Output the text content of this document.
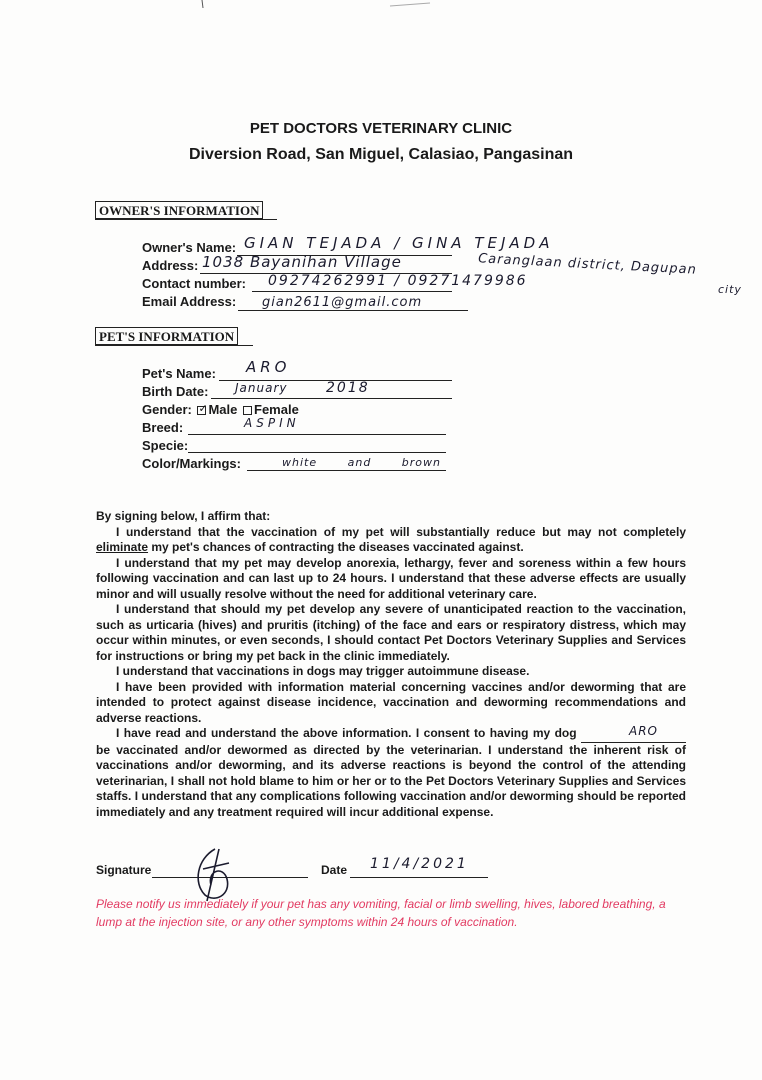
PET DOCTORS VETERINARY CLINIC
Diversion Road, San Miguel, Calasiao, Pangasinan
OWNER'S INFORMATION
Owner's Name: GIAN TEJADA / GINA TEJADA
Address: 1038 Bayanihan Village	Caranglaan district, Dagupan
city
Contact number: 09274262991 / 09271479986
Email Address: gian2611@gmail.com
PET'S INFORMATION
Pet's Name: ARO
Birth Date: January	2018
Gender: ✓ Male Female
Breed:	ASPIN
Specie:
Color/Markings:	white and brown

By signing below, I affirm that:

I understand that the vaccination of my pet will substantially reduce but may not completely eliminate my pet's chances of contracting the diseases vaccinated against.

I understand that my pet may develop anorexia, lethargy, fever and soreness within a few hours following vaccination and can last up to 24 hours. I understand that these adverse effects are usually minor and will usually resolve without the need for additional veterinary care.

I understand that should my pet develop any severe of unanticipated reaction to the vaccination, such as urticaria (hives) and pruritis (itching) of the face and ears or respiratory distress, which may occur within minutes, or even seconds, I should contact Pet Doctors Veterinary Supplies and Services for instructions or bring my pet back in the clinic immediately.

I understand that vaccinations in dogs may trigger autoimmune disease.

I have been provided with information material concerning vaccines and/or deworming that are intended to protect against disease incidence, vaccination and deworming recommendations and adverse reactions.

I have read and understand the above information. I consent to having my dog	ARO be vaccinated and/or dewormed as directed by the veterinarian. I understand the inherent risk of vaccinations and/or deworming, and its adverse reactions is beyond the control of the attending veterinarian, I shall not hold blame to him or her or to the Pet Doctors Veterinary Supplies and Services staffs. I understand that any complications following vaccination and/or deworming should be reported immediately and any treatment required will incur additional expense.

Signature	Date 11/4/2021
Please notify us immediately if your pet has any vomiting, facial or limb swelling, hives, labored breathing, a lump at the injection site, or any other symptoms within 24 hours of vaccination.
